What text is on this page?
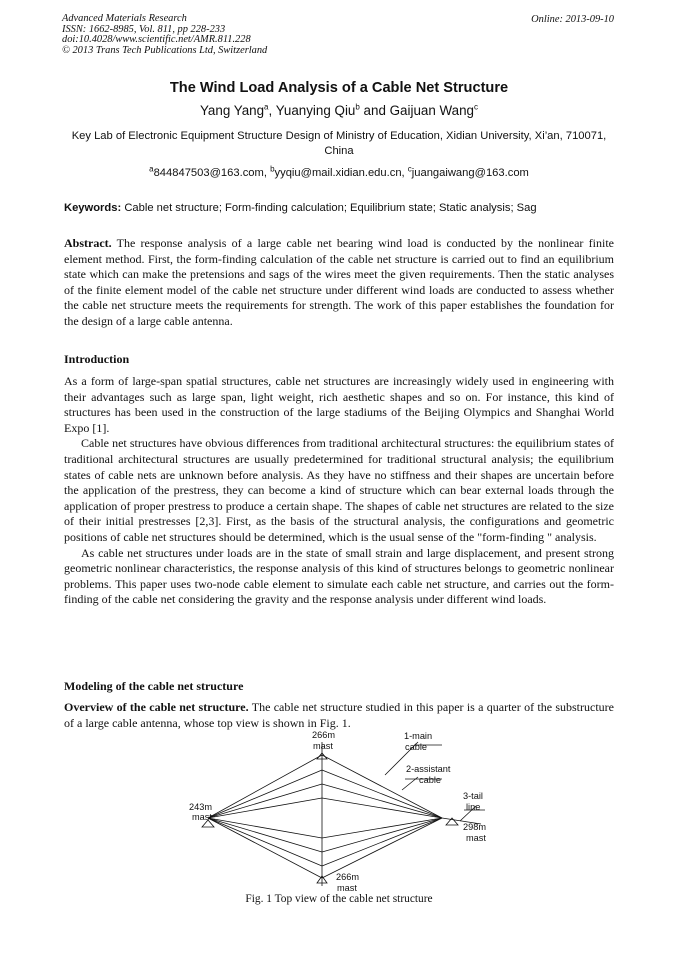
Advanced Materials Research
ISSN: 1662-8985, Vol. 811, pp 228-233
doi:10.4028/www.scientific.net/AMR.811.228
© 2013 Trans Tech Publications Ltd, Switzerland
Online: 2013-09-10
The Wind Load Analysis of a Cable Net Structure
Yang Yang$^a$, Yuanying Qiu$^b$ and Gaijuan Wang$^c$
Key Lab of Electronic Equipment Structure Design of Ministry of Education, Xidian University, Xi’an, 710071, China
$^a$844847503@163.com, $^b$yyqiu@mail.xidian.edu.cn, $^c$juangaiwang@163.com
Keywords: Cable net structure; Form-finding calculation; Equilibrium state; Static analysis; Sag

Abstract. The response analysis of a large cable net bearing wind load is conducted by the nonlinear finite element method. First, the form-finding calculation of the cable net structure is carried out to find an equilibrium state which can make the pretensions and sags of the wires meet the given requirements. Then the static analyses of the finite element model of the cable net structure under different wind loads are conducted to assess whether the cable net structure meets the requirements for strength. The work of this paper establishes the foundation for the design of a large cable antenna.

Introduction

As a form of large-span spatial structures, cable net structures are increasingly widely used in engineering with their advantages such as large span, light weight, rich aesthetic shapes and so on. For instance, this kind of structures has been used in the construction of the large stadiums of the Beijing Olympics and Shanghai World Expo [1].

Cable net structures have obvious differences from traditional architectural structures: the equilibrium states of traditional architectural structures are usually predetermined for traditional structural analysis; the equilibrium states of cable nets are unknown before analysis. As they have no stiffness and their shapes are uncertain before the application of the prestress, they can become a kind of structure which can bear external loads through the application of proper prestress to produce a certain shape. The shapes of cable net structures are related to the size of their initial prestresses [2,3]. First, as the basis of the structural analysis, the configurations and geometric positions of cable net structures should be determined, which is the usual sense of the "form-finding " analysis.

As cable net structures under loads are in the state of small strain and large displacement, and present strong geometric nonlinear characteristics, the response analysis of this kind of structures belongs to geometric nonlinear problems. This paper uses two-node cable element to simulate each cable net structure, and carries out the form-finding of the cable net considering the gravity and the response analysis under different wind loads.

Modeling of the cable net structure

Overview of the cable net structure. The cable net structure studied in this paper is a quarter of the substructure of a large cable antenna, whose top view is shown in Fig. 1.

266m
mast
1-main
cable
2-assistant
cable
3-tail
line
243m
mast
298m
mast
266m
mast
Fig. 1 Top view of the cable net structure
